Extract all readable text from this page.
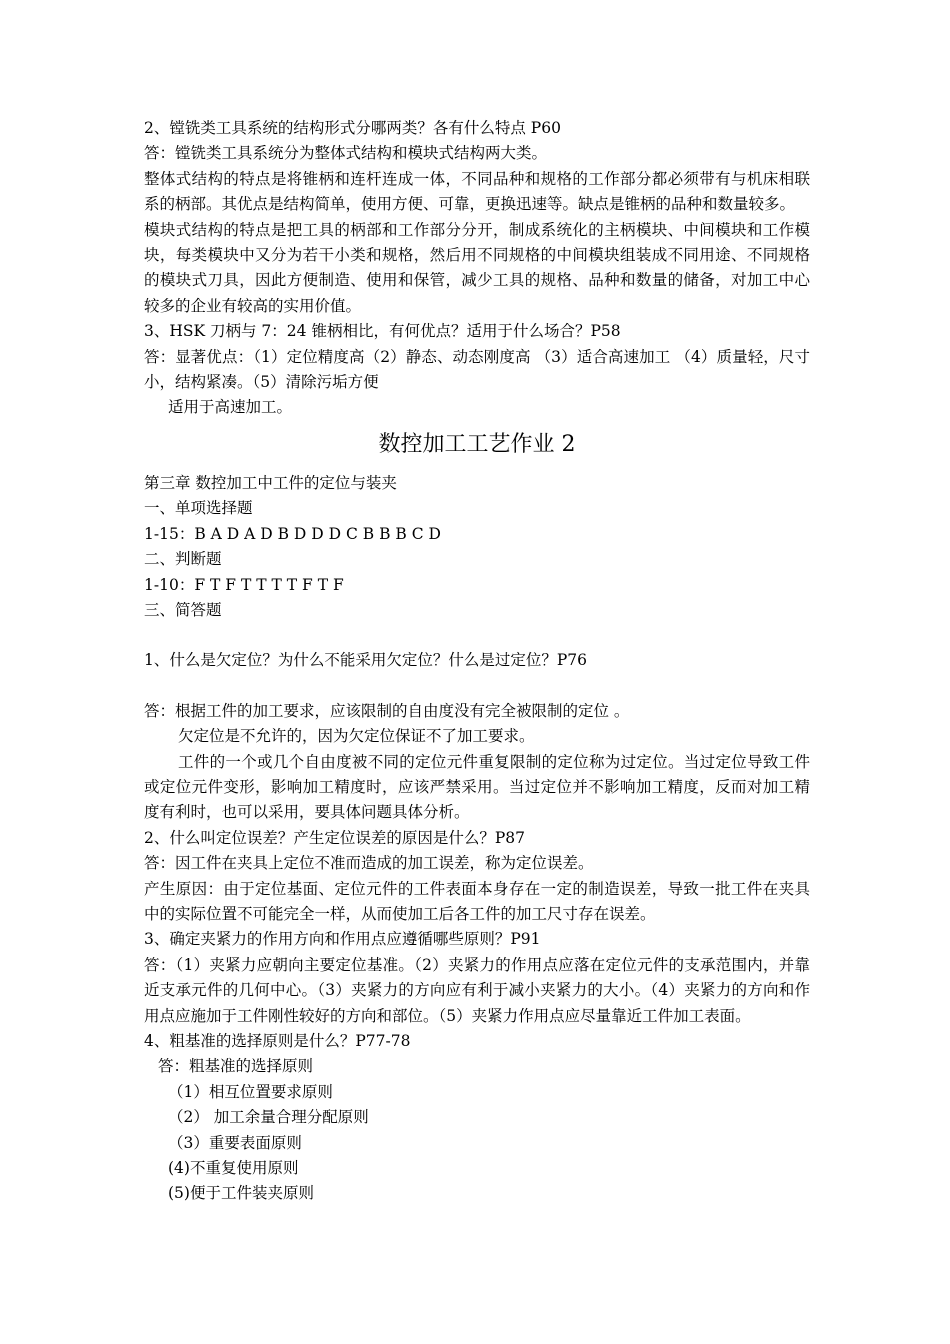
2、镗铣类工具系统的结构形式分哪两类？各有什么特点 P60

答：镗铣类工具系统分为整体式结构和模块式结构两大类。

整体式结构的特点是将锥柄和连杆连成一体，不同品种和规格的工作部分都必须带有与机床相联系的柄部。其优点是结构简单，使用方便、可靠，更换迅速等。缺点是锥柄的品种和数量较多。

模块式结构的特点是把工具的柄部和工作部分分开，制成系统化的主柄模块、中间模块和工作模块，每类模块中又分为若干小类和规格，然后用不同规格的中间模块组装成不同用途、不同规格的模块式刀具，因此方便制造、使用和保管，减少工具的规格、品种和数量的储备，对加工中心较多的企业有较高的实用价值。

3、HSK 刀柄与 7：24 锥柄相比，有何优点？适用于什么场合？P58

答：显著优点：（1）定位精度高（2）静态、动态刚度高 （3）适合高速加工 （4）质量轻，尺寸小，结构紧凑。（5）清除污垢方便

适用于高速加工。

数控加工工艺作业 2

第三章 数控加工中工件的定位与装夹

一、单项选择题

1-15：B A D A D B D D D C B B B C D

二、判断题

1-10：F T F T T T T F T F

三、简答题

1、什么是欠定位？为什么不能采用欠定位？什么是过定位？P76

答：根据工件的加工要求，应该限制的自由度没有完全被限制的定位 。

欠定位是不允许的，因为欠定位保证不了加工要求。

工件的一个或几个自由度被不同的定位元件重复限制的定位称为过定位。当过定位导致工件或定位元件变形，影响加工精度时，应该严禁采用。当过定位并不影响加工精度，反而对加工精度有利时，也可以采用，要具体问题具体分析。

2、什么叫定位误差？产生定位误差的原因是什么？P87

答：因工件在夹具上定位不准而造成的加工误差，称为定位误差。

产生原因：由于定位基面、定位元件的工件表面本身存在一定的制造误差，导致一批工件在夹具中的实际位置不可能完全一样，从而使加工后各工件的加工尺寸存在误差。

3、确定夹紧力的作用方向和作用点应遵循哪些原则？P91

答：（1）夹紧力应朝向主要定位基准。（2）夹紧力的作用点应落在定位元件的支承范围内，并靠近支承元件的几何中心。（3）夹紧力的方向应有利于减小夹紧力的大小。（4）夹紧力的方向和作用点应施加于工件刚性较好的方向和部位。（5）夹紧力作用点应尽量靠近工件加工表面。

4、粗基准的选择原则是什么？P77-78

答：粗基准的选择原则

（1）相互位置要求原则

（2） 加工余量合理分配原则

（3）重要表面原则

(4)不重复使用原则

(5)便于工件装夹原则
